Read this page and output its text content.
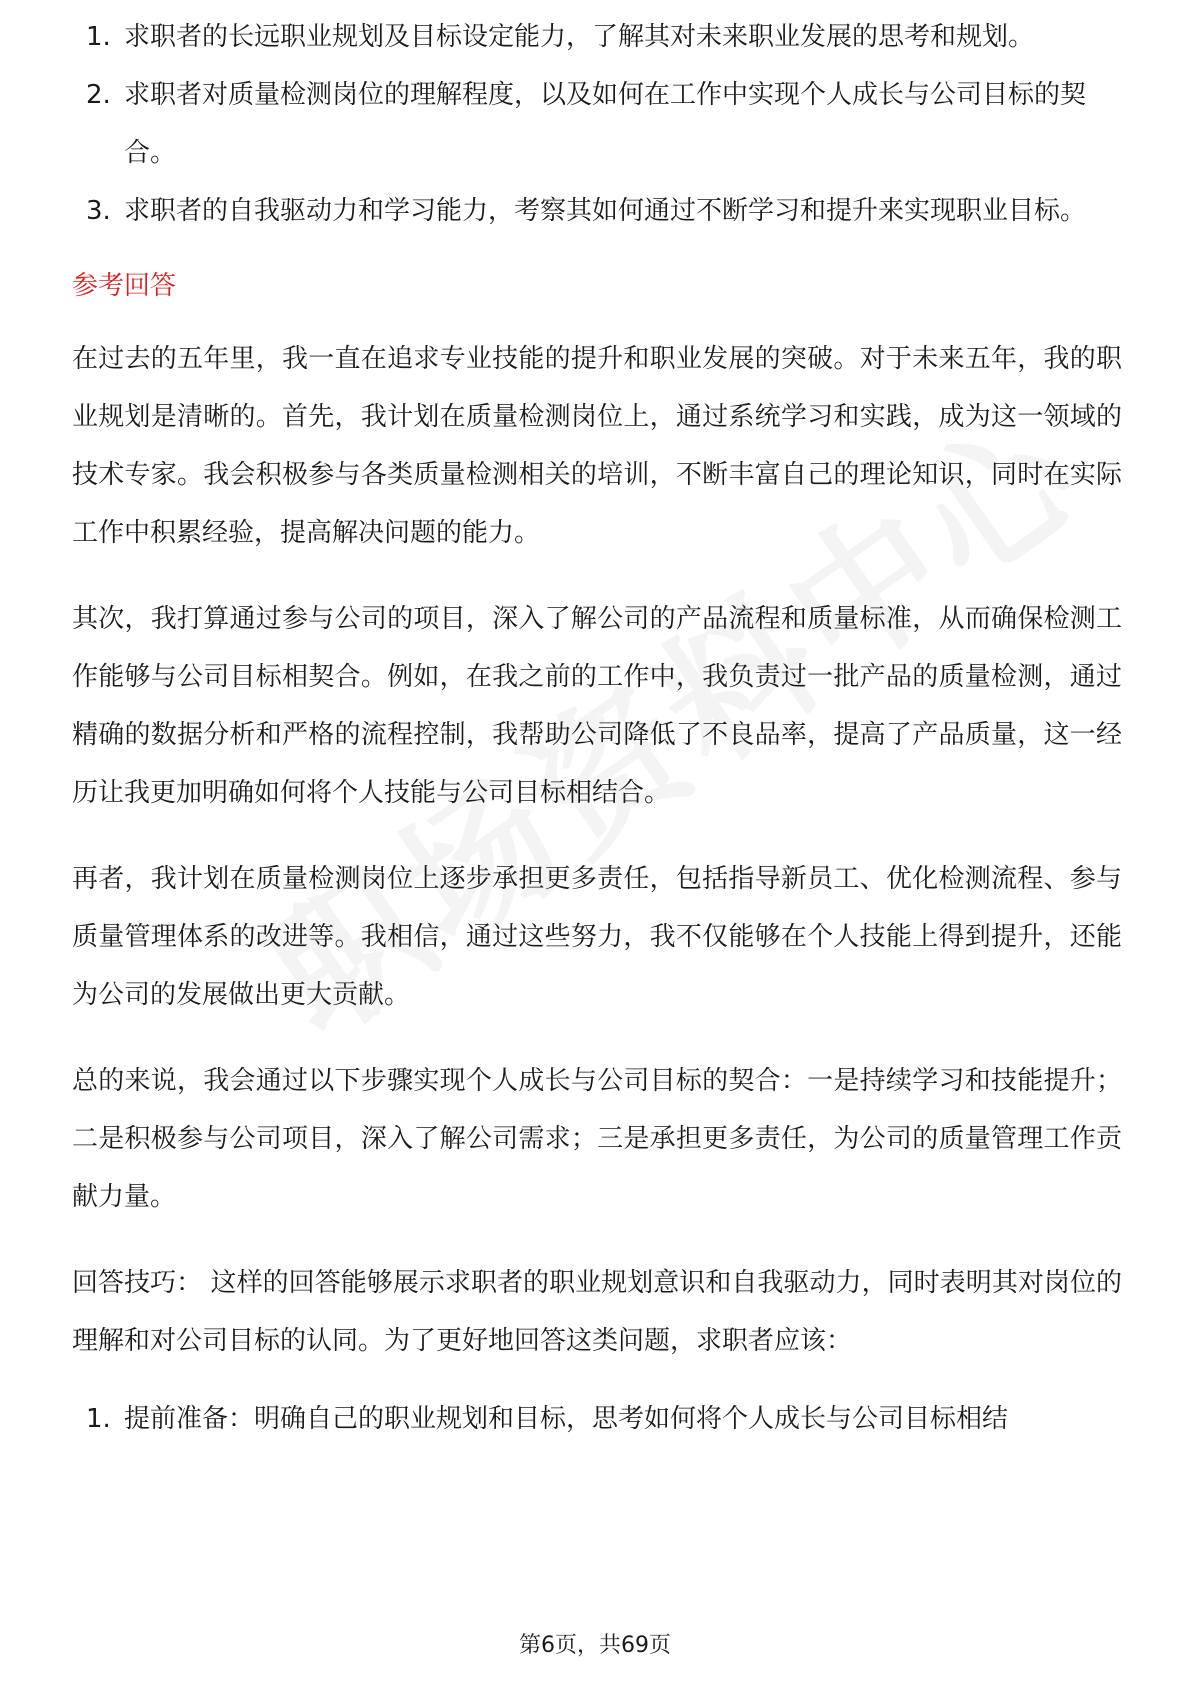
1. 求职者的长远职业规划及目标设定能力，了解其对未来职业发展的思考和规划。
2. 求职者对质量检测岗位的理解程度，以及如何在工作中实现个人成长与公司目标的契合。
3. 求职者的自我驱动力和学习能力，考察其如何通过不断学习和提升来实现职业目标。
参考回答

在过去的五年里，我一直在追求专业技能的提升和职业发展的突破。对于未来五年，我的职业规划是清晰的。首先，我计划在质量检测岗位上，通过系统学习和实践，成为这一领域的技术专家。我会积极参与各类质量检测相关的培训，不断丰富自己的理论知识，同时在实际工作中积累经验，提高解决问题的能力。

其次，我打算通过参与公司的项目，深入了解公司的产品流程和质量标准，从而确保检测工作能够与公司目标相契合。例如，在我之前的工作中，我负责过一批产品的质量检测，通过精确的数据分析和严格的流程控制，我帮助公司降低了不良品率，提高了产品质量，这一经历让我更加明确如何将个人技能与公司目标相结合。

再者，我计划在质量检测岗位上逐步承担更多责任，包括指导新员工、优化检测流程、参与质量管理体系的改进等。我相信，通过这些努力，我不仅能够在个人技能上得到提升，还能为公司的发展做出更大贡献。

总的来说，我会通过以下步骤实现个人成长与公司目标的契合：一是持续学习和技能提升；二是积极参与公司项目，深入了解公司需求；三是承担更多责任，为公司的质量管理工作贡献力量。

回答技巧： 这样的回答能够展示求职者的职业规划意识和自我驱动力，同时表明其对岗位的理解和对公司目标的认同。为了更好地回答这类问题，求职者应该：

1. 提前准备：明确自己的职业规划和目标，思考如何将个人成长与公司目标相结
第6页，共69页
